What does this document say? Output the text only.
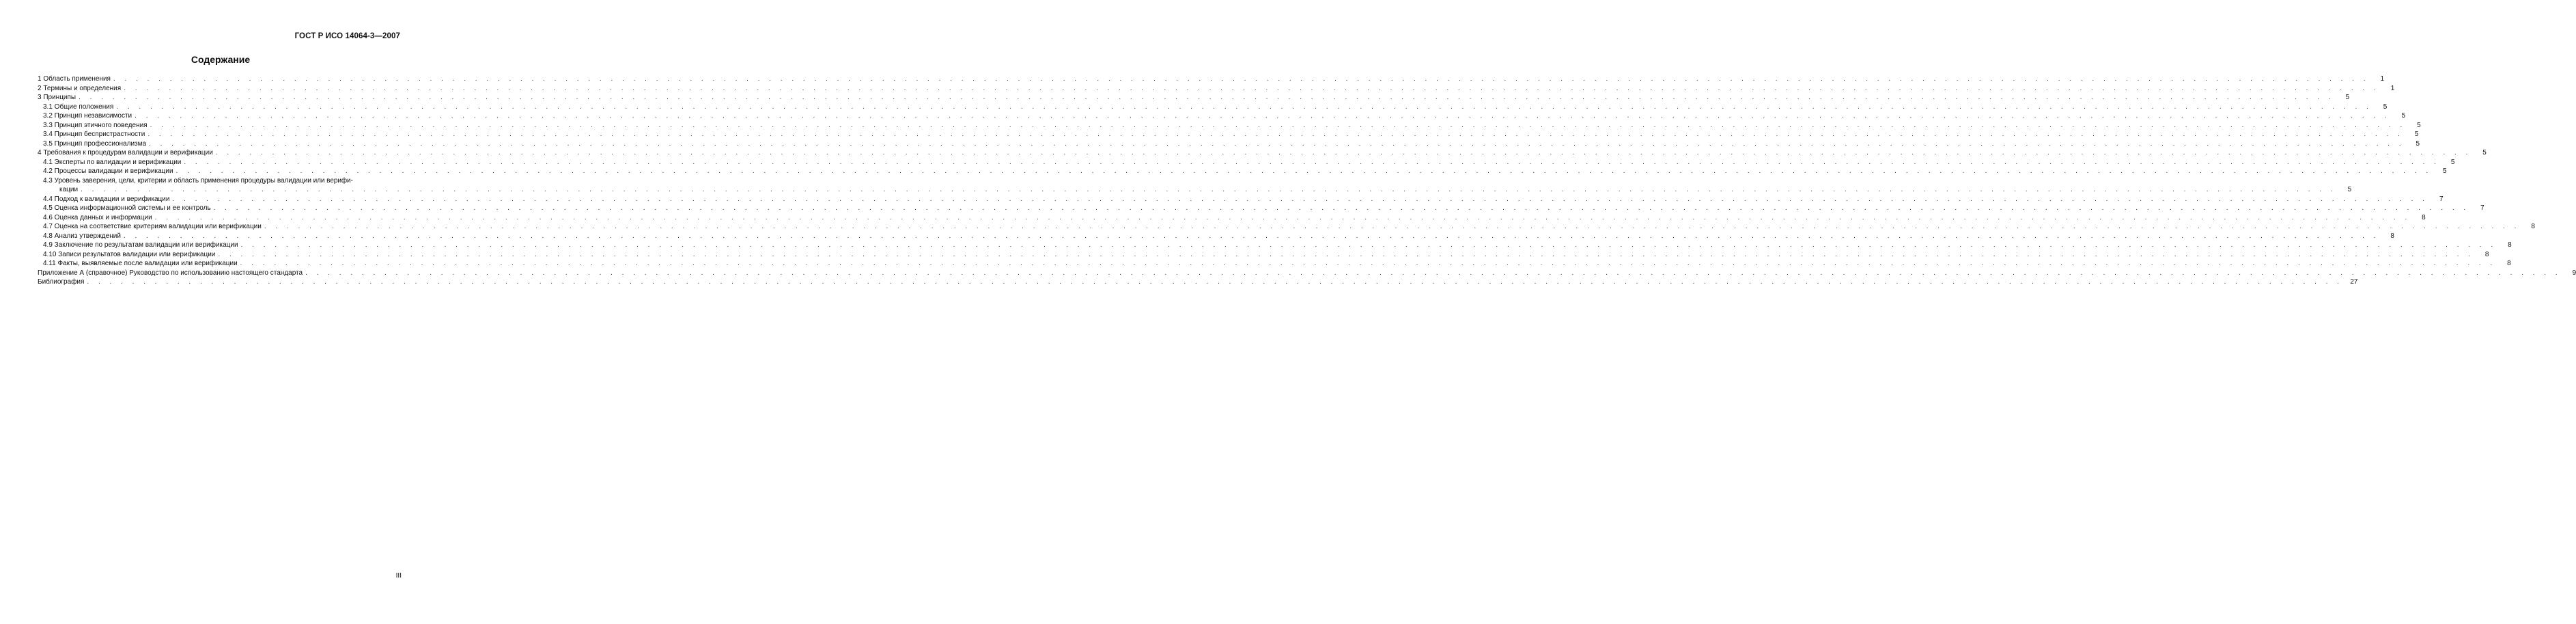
ГОСТ Р ИСО 14064-3—2007
Содержание
1 Область применения . . . . . . . . . . . . . . . . . . . . . . . . . . . . . . . . . . . . . . . . . . . . . . . . . . . . . . . . . . . . . . . . . . . . . . . . . . . . . . . . . . . . . . . . . . . . . . . . . . . . . . . . . . . . . . . . . . . . . . . . . . . . . . . . . . . . . . . . . . . . . . . . . . . . . . . . . . . . . . . . . . . . . . . . . . . . . . . . . . . . . . . . . . . . . . . . . . . . . . . .	1
2 Термины и определения . . . . . . . . . . . . . . . . . . . . . . . . . . . . . . . . . . . . . . . . . . . . . . . . . . . . . . . . . . . . . . . . . . . . . . . . . . . . . . . . . . . . . . . . . . . . . . . . . . . . . . . . . . . . . . . . . . . . . . . . . . . . . . . . . . . . . . . . . . . . . . . . . . . . . . . . . . . . . . . . . . . . . . . . . . . . . . . . . . . . . . . . . . . . . . . . . . . . . . . .	1
3 Принципы . . . . . . . . . . . . . . . . . . . . . . . . . . . . . . . . . . . . . . . . . . . . . . . . . . . . . . . . . . . . . . . . . . . . . . . . . . . . . . . . . . . . . . . . . . . . . . . . . . . . . . . . . . . . . . . . . . . . . . . . . . . . . . . . . . . . . . . . . . . . . . . . . . . . . . . . . . . . . . . . . . . . . . . . . . . . . . . . . . . . . . . . . . . . . . . . . . . . . . . .	5
3.1 Общие положения . . . . . . . . . . . . . . . . . . . . . . . . . . . . . . . . . . . . . . . . . . . . . . . . . . . . . . . . . . . . . . . . . . . . . . . . . . . . . . . . . . . . . . . . . . . . . . . . . . . . . . . . . . . . . . . . . . . . . . . . . . . . . . . . . . . . . . . . . . . . . . . . . . . . . . . . . . . . . . . . . . . . . . . . . . . . . . . . . . . . . . . . . . . . . . . . . . . . . . . .	5
3.2 Принцип независимости . . . . . . . . . . . . . . . . . . . . . . . . . . . . . . . . . . . . . . . . . . . . . . . . . . . . . . . . . . . . . . . . . . . . . . . . . . . . . . . . . . . . . . . . . . . . . . . . . . . . . . . . . . . . . . . . . . . . . . . . . . . . . . . . . . . . . . . . . . . . . . . . . . . . . . . . . . . . . . . . . . . . . . . . . . . . . . . . . . . . . . . . . . . . . . . . . . . . . . . .	5
3.3 Принцип этичного поведения . . . . . . . . . . . . . . . . . . . . . . . . . . . . . . . . . . . . . . . . . . . . . . . . . . . . . . . . . . . . . . . . . . . . . . . . . . . . . . . . . . . . . . . . . . . . . . . . . . . . . . . . . . . . . . . . . . . . . . . . . . . . . . . . . . . . . . . . . . . . . . . . . . . . . . . . . . . . . . . . . . . . . . . . . . . . . . . . . . . . . . . . . . . . . . . . . . . . . . . .	5
3.4 Принцип беспристрастности . . . . . . . . . . . . . . . . . . . . . . . . . . . . . . . . . . . . . . . . . . . . . . . . . . . . . . . . . . . . . . . . . . . . . . . . . . . . . . . . . . . . . . . . . . . . . . . . . . . . . . . . . . . . . . . . . . . . . . . . . . . . . . . . . . . . . . . . . . . . . . . . . . . . . . . . . . . . . . . . . . . . . . . . . . . . . . . . . . . . . . . . . . . . . . . . . . . . . . . .	5
3.5 Принцип профессионализма . . . . . . . . . . . . . . . . . . . . . . . . . . . . . . . . . . . . . . . . . . . . . . . . . . . . . . . . . . . . . . . . . . . . . . . . . . . . . . . . . . . . . . . . . . . . . . . . . . . . . . . . . . . . . . . . . . . . . . . . . . . . . . . . . . . . . . . . . . . . . . . . . . . . . . . . . . . . . . . . . . . . . . . . . . . . . . . . . . . . . . . . . . . . . . . . . . . . . . . .	5
4 Требования к процедурам валидации и верификации . . . . . . . . . . . . . . . . . . . . . . . . . . . . . . . . . . . . . . . . . . . . . . . . . . . . . . . . . . . . . . . . . . . . . . . . . . . . . . . . . . . . . . . . . . . . . . . . . . . . . . . . . . . . . . . . . . . . . . . . . . . . . . . . . . . . . . . . . . . . . . . . . . . . . . . . . . . . . . . . . . . . . . . . . . . . . . . . . . . . . . . . . . . . . . . . . . . . . . . .	5
4.1 Эксперты по валидации и верификации . . . . . . . . . . . . . . . . . . . . . . . . . . . . . . . . . . . . . . . . . . . . . . . . . . . . . . . . . . . . . . . . . . . . . . . . . . . . . . . . . . . . . . . . . . . . . . . . . . . . . . . . . . . . . . . . . . . . . . . . . . . . . . . . . . . . . . . . . . . . . . . . . . . . . . . . . . . . . . . . . . . . . . . . . . . . . . . . . . . . . . . . . . . . . . . . . . . . . . . .	5
4.2 Процессы валидации и верификации . . . . . . . . . . . . . . . . . . . . . . . . . . . . . . . . . . . . . . . . . . . . . . . . . . . . . . . . . . . . . . . . . . . . . . . . . . . . . . . . . . . . . . . . . . . . . . . . . . . . . . . . . . . . . . . . . . . . . . . . . . . . . . . . . . . . . . . . . . . . . . . . . . . . . . . . . . . . . . . . . . . . . . . . . . . . . . . . . . . . . . . . . . . . . . . . . . . . . . . .	5
4.3 Уровень заверения, цели, критерии и область применения процедуры валидации или верифи-
кации . . . . . . . . . . . . . . . . . . . . . . . . . . . . . . . . . . . . . . . . . . . . . . . . . . . . . . . . . . . . . . . . . . . . . . . . . . . . . . . . . . . . . . . . . . . . . . . . . . . . . . . . . . . . . . . . . . . . . . . . . . . . . . . . . . . . . . . . . . . . . . . . . . . . . . . . . . . . . . . . . . . . . . . . . . . . . . . . . . . . . . . . . . . . . . . . . . . . . . . .	5
4.4 Подход к валидации и верификации . . . . . . . . . . . . . . . . . . . . . . . . . . . . . . . . . . . . . . . . . . . . . . . . . . . . . . . . . . . . . . . . . . . . . . . . . . . . . . . . . . . . . . . . . . . . . . . . . . . . . . . . . . . . . . . . . . . . . . . . . . . . . . . . . . . . . . . . . . . . . . . . . . . . . . . . . . . . . . . . . . . . . . . . . . . . . . . . . . . . . . . . . . . . . . . . . . . . . . . .	7
4.5 Оценка информационной системы и ее контроль . . . . . . . . . . . . . . . . . . . . . . . . . . . . . . . . . . . . . . . . . . . . . . . . . . . . . . . . . . . . . . . . . . . . . . . . . . . . . . . . . . . . . . . . . . . . . . . . . . . . . . . . . . . . . . . . . . . . . . . . . . . . . . . . . . . . . . . . . . . . . . . . . . . . . . . . . . . . . . . . . . . . . . . . . . . . . . . . . . . . . . . . . . . . . . . . . . . . . . . .	7
4.6 Оценка данных и информации . . . . . . . . . . . . . . . . . . . . . . . . . . . . . . . . . . . . . . . . . . . . . . . . . . . . . . . . . . . . . . . . . . . . . . . . . . . . . . . . . . . . . . . . . . . . . . . . . . . . . . . . . . . . . . . . . . . . . . . . . . . . . . . . . . . . . . . . . . . . . . . . . . . . . . . . . . . . . . . . . . . . . . . . . . . . . . . . . . . . . . . . . . . . . . . . . . . . . . . .	8
4.7 Оценка на соответствие критериям валидации или верификации . . . . . . . . . . . . . . . . . . . . . . . . . . . . . . . . . . . . . . . . . . . . . . . . . . . . . . . . . . . . . . . . . . . . . . . . . . . . . . . . . . . . . . . . . . . . . . . . . . . . . . . . . . . . . . . . . . . . . . . . . . . . . . . . . . . . . . . . . . . . . . . . . . . . . . . . . . . . . . . . . . . . . . . . . . . . . . . . . . . . . . . . . . . . . . . . . . . . . . . .	8
4.8 Анализ утверждений . . . . . . . . . . . . . . . . . . . . . . . . . . . . . . . . . . . . . . . . . . . . . . . . . . . . . . . . . . . . . . . . . . . . . . . . . . . . . . . . . . . . . . . . . . . . . . . . . . . . . . . . . . . . . . . . . . . . . . . . . . . . . . . . . . . . . . . . . . . . . . . . . . . . . . . . . . . . . . . . . . . . . . . . . . . . . . . . . . . . . . . . . . . . . . . . . . . . . . . .	8
4.9 Заключение по результатам валидации или верификации . . . . . . . . . . . . . . . . . . . . . . . . . . . . . . . . . . . . . . . . . . . . . . . . . . . . . . . . . . . . . . . . . . . . . . . . . . . . . . . . . . . . . . . . . . . . . . . . . . . . . . . . . . . . . . . . . . . . . . . . . . . . . . . . . . . . . . . . . . . . . . . . . . . . . . . . . . . . . . . . . . . . . . . . . . . . . . . . . . . . . . . . . . . . . . . . . . . . . . . .	8
4.10 Записи результатов валидации или верификации . . . . . . . . . . . . . . . . . . . . . . . . . . . . . . . . . . . . . . . . . . . . . . . . . . . . . . . . . . . . . . . . . . . . . . . . . . . . . . . . . . . . . . . . . . . . . . . . . . . . . . . . . . . . . . . . . . . . . . . . . . . . . . . . . . . . . . . . . . . . . . . . . . . . . . . . . . . . . . . . . . . . . . . . . . . . . . . . . . . . . . . . . . . . . . . . . . . . . . . .	8
4.11 Факты, выявляемые после валидации или верификации . . . . . . . . . . . . . . . . . . . . . . . . . . . . . . . . . . . . . . . . . . . . . . . . . . . . . . . . . . . . . . . . . . . . . . . . . . . . . . . . . . . . . . . . . . . . . . . . . . . . . . . . . . . . . . . . . . . . . . . . . . . . . . . . . . . . . . . . . . . . . . . . . . . . . . . . . . . . . . . . . . . . . . . . . . . . . . . . . . . . . . . . . . . . . . . . . . . . . . . .	8
Приложение А (справочное) Руководство по использованию настоящего стандарта . . . . . . . . . . . . . . . . . . . . . . . . . . . . . . . . . . . . . . . . . . . . . . . . . . . . . . . . . . . . . . . . . . . . . . . . . . . . . . . . . . . . . . . . . . . . . . . . . . . . . . . . . . . . . . . . . . . . . . . . . . . . . . . . . . . . . . . . . . . . . . . . . . . . . . . . . . . . . . . . . . . . . . . . . . . . . . . . . . . . . . . . . . . . . . . . . . . . . . . .	9
Библиография . . . . . . . . . . . . . . . . . . . . . . . . . . . . . . . . . . . . . . . . . . . . . . . . . . . . . . . . . . . . . . . . . . . . . . . . . . . . . . . . . . . . . . . . . . . . . . . . . . . . . . . . . . . . . . . . . . . . . . . . . . . . . . . . . . . . . . . . . . . . . . . . . . . . . . . . . . . . . . . . . . . . . . . . . . . . . . . . . . . . . . . . . . . . . . . . . . . . . . . .	27
III
